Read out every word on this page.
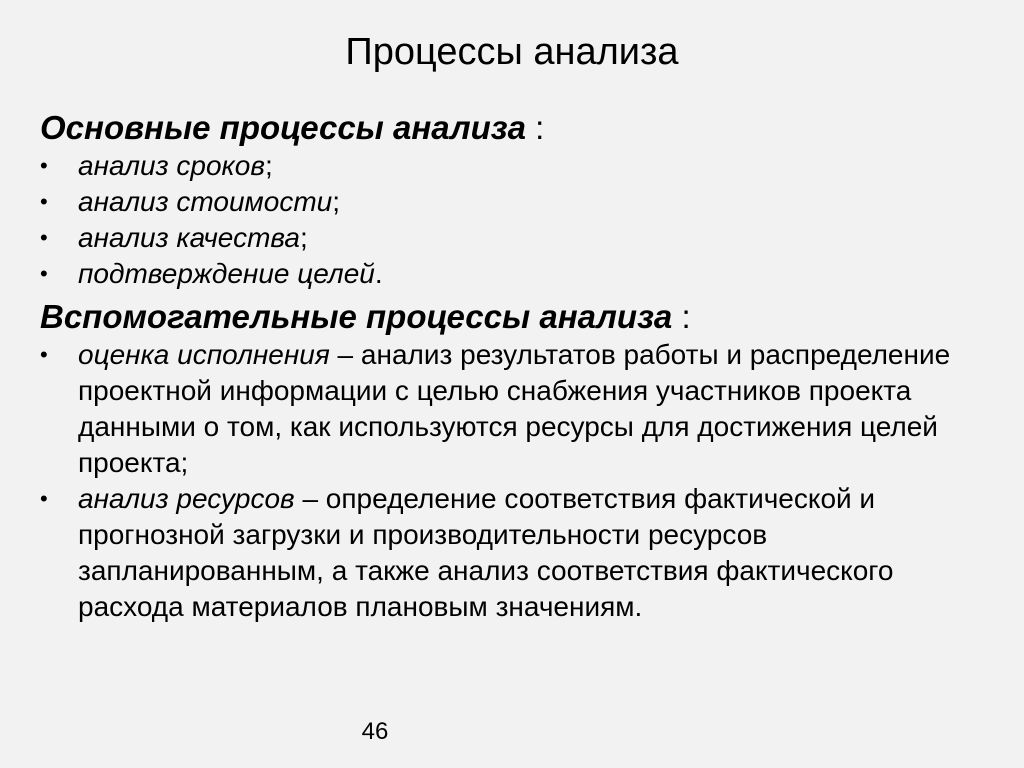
Процессы анализа
Основные процессы анализа :
• анализ сроков;
• анализ стоимости;
• анализ качества;
• подтверждение целей.
Вспомогательные процессы анализа :
• оценка исполнения – анализ результатов работы и распределение проектной информации с целью снабжения участников проекта данными о том, как используются ресурсы для достижения целей проекта;
• анализ ресурсов – определение соответствия фактической и прогнозной загрузки и производительности ресурсов запланированным, а также анализ соответствия фактического расхода материалов плановым значениям.
46
